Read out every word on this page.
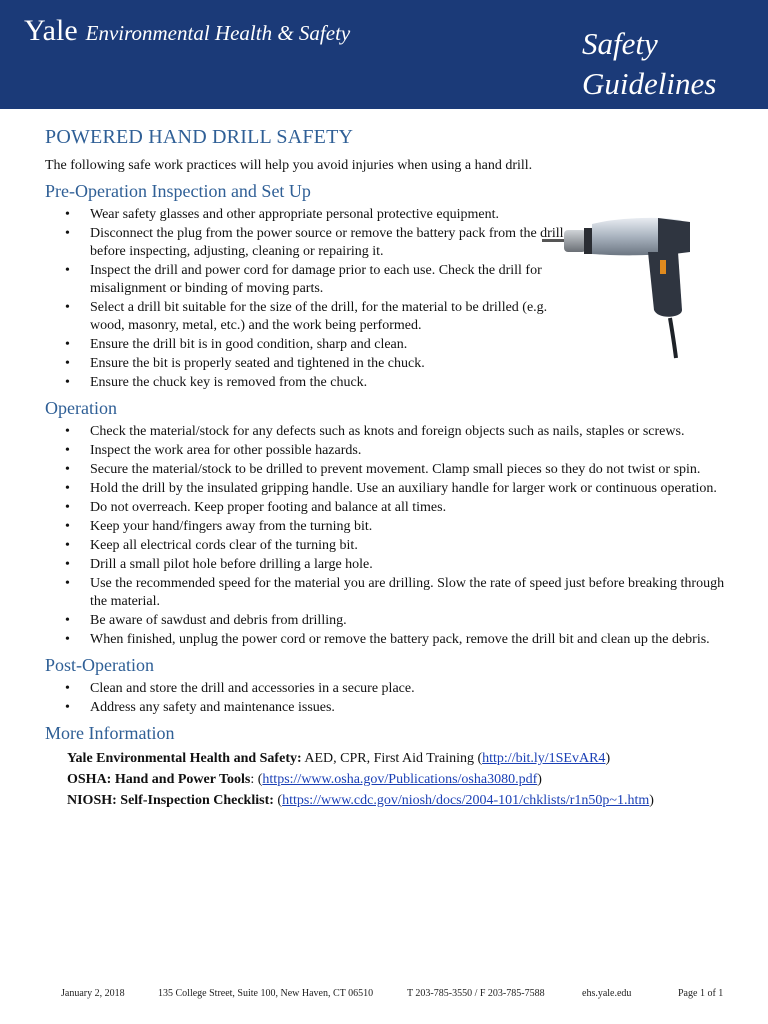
Yale Environmental Health & Safety	Safety
Guidelines
POWERED HAND DRILL SAFETY

The following safe work practices will help you avoid injuries when using a hand drill.

Pre-Operation Inspection and Set Up
• Wear safety glasses and other appropriate personal protective equipment.
• Disconnect the plug from the power source or remove the battery pack from the drill before inspecting, adjusting, cleaning or repairing it.
• Inspect the drill and power cord for damage prior to each use. Check the drill for misalignment or binding of moving parts.
• Select a drill bit suitable for the size of the drill, for the material to be drilled (e.g. wood, masonry, metal, etc.) and the work being performed.
• Ensure the drill bit is in good condition, sharp and clean.
• Ensure the bit is properly seated and tightened in the chuck.
• Ensure the chuck key is removed from the chuck.
Operation
• Check the material/stock for any defects such as knots and foreign objects such as nails, staples or screws.
• Inspect the work area for other possible hazards.
• Secure the material/stock to be drilled to prevent movement. Clamp small pieces so they do not twist or spin.
• Hold the drill by the insulated gripping handle. Use an auxiliary handle for larger work or continuous operation.
• Do not overreach. Keep proper footing and balance at all times.
• Keep your hand/fingers away from the turning bit.
• Keep all electrical cords clear of the turning bit.
• Drill a small pilot hole before drilling a large hole.
• Use the recommended speed for the material you are drilling. Slow the rate of speed just before breaking through the material.
• Be aware of sawdust and debris from drilling.
• When finished, unplug the power cord or remove the battery pack, remove the drill bit and clean up the debris.
Post-Operation
• Clean and store the drill and accessories in a secure place.
• Address any safety and maintenance issues.
More Information
Yale Environmental Health and Safety: AED, CPR, First Aid Training (http://bit.ly/1SEvAR4)
OSHA: Hand and Power Tools: (https://www.osha.gov/Publications/osha3080.pdf)
NIOSH: Self-Inspection Checklist: (https://www.cdc.gov/niosh/docs/2004-101/chklists/r1n50p~1.htm)
January 2, 2018	135 College Street, Suite 100, New Haven, CT 06510	T 203-785-3550 / F 203-785-7588	ehs.yale.edu	Page 1 of 1
